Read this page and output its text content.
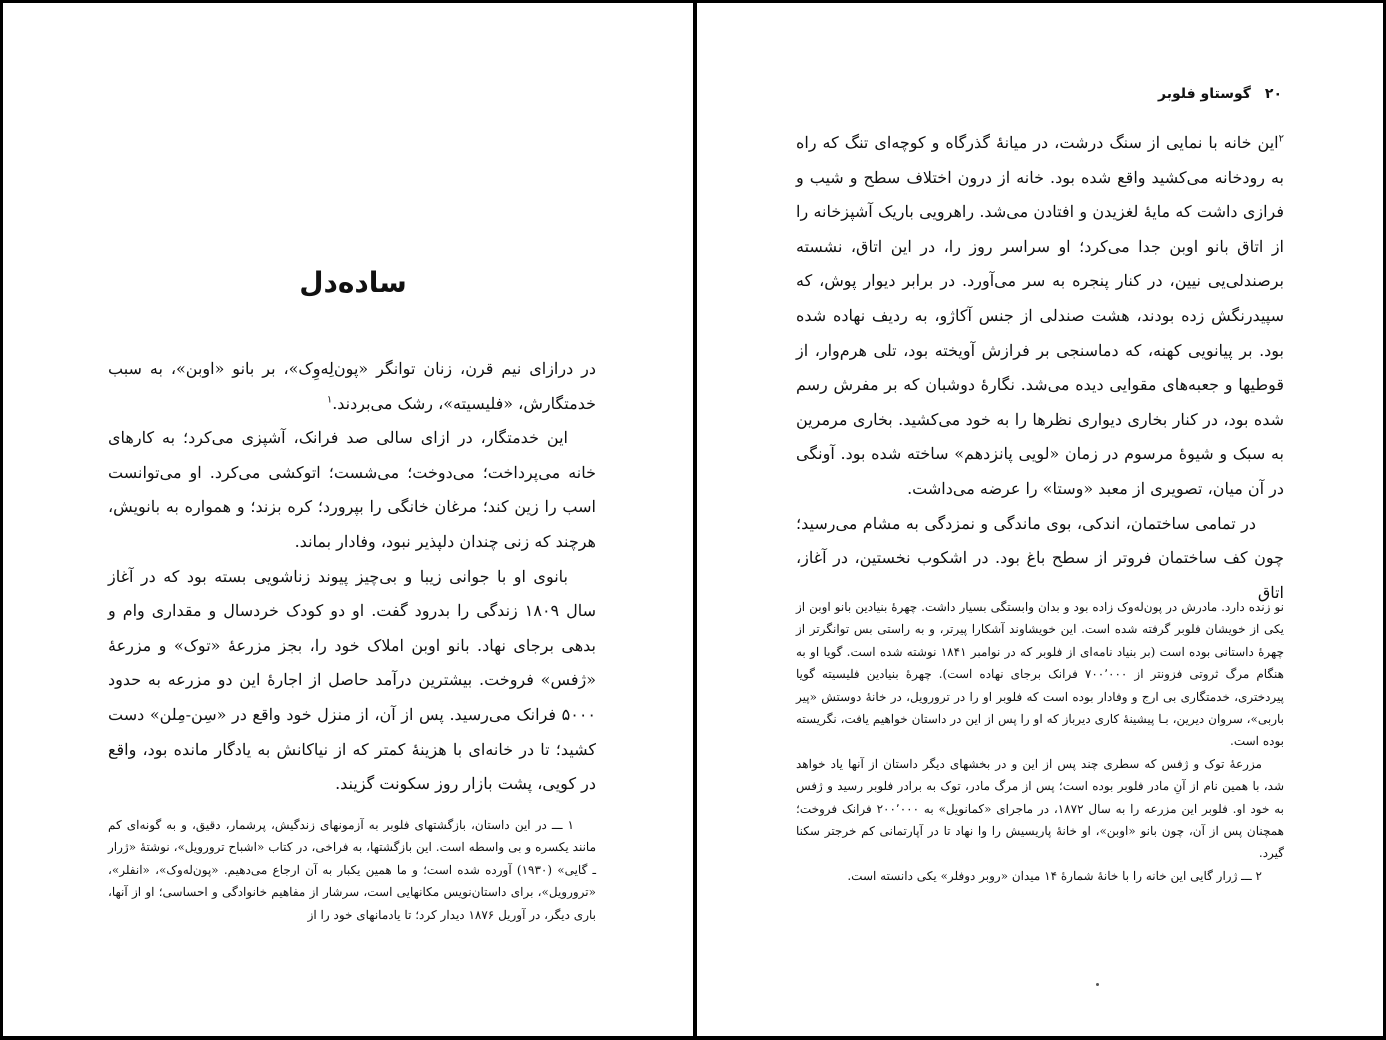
۲۰گوستاو فلوبر
ساده‌دل

در درازای نیم قرن، زنان توانگر «پون‌لِه‌وِک»، بر بانو «اوبن»، به سبب خدمتگارش، «فلیسیته»، رشک می‌بردند.$^۱$

این خدمتگار، در ازای سالی صد فرانک، آشپزی می‌کرد؛ به کارهای خانه می‌پرداخت؛ می‌دوخت؛ می‌شست؛ اتوکشی می‌کرد. او می‌توانست اسب را زین کند؛ مرغان خانگی را بپرورد؛ کره بزند؛ و همواره به بانویش، هرچند که زنی چندان دلپذیر نبود، وفادار بماند.

بانوی او با جوانی زیبا و بی‌چیز پیوند زناشویی بسته بود که در آغاز سال ۱۸۰۹ زندگی را بدرود گفت. او دو کودک خردسال و مقداری وام و بدهی برجای نهاد. بانو اوبن املاک خود را، بجز مزرعهٔ «توک» و مزرعهٔ «ژفس» فروخت. بیشترین درآمد حاصل از اجارهٔ این دو مزرعه به حدود ۵۰۰۰ فرانک می‌رسید. پس از آن، از منزل خود واقع در «سِن-مِلن» دست کشید؛ تا در خانه‌ای با هزینهٔ کمتر که از نیاکانش به یادگار مانده بود، واقع در کویی، پشت بازار روز سکونت گزیند.

۱ ـــ در این داستان، بازگشتهای فلوبر به آزمونهای زندگیش، پرشمار، دقیق، و به گونه‌ای کم مانند یکسره و بی واسطه است. این بازگشتها، به فراخی، در کتاب «اشباح ترورویل»، نوشتهٔ «ژرار ـ گایی» (۱۹۳۰) آورده شده است؛ و ما همین یکبار به آن ارجاع می‌دهیم. «پون‌له‌وک»، «انفلر»، «ترورویل»، برای داستان‌نویس مکانهایی است، سرشار از مفاهیم خانوادگی و احساسی؛ او از آنها، باری دیگر، در آوریل ۱۸۷۶ دیدار کرد؛ تا یادمانهای خود را از

$^۲$این خانه با نمایی از سنگ درشت، در میانهٔ گذرگاه و کوچه‌ای تنگ که راه به رودخانه می‌کشید واقع شده بود. خانه از درون اختلاف سطح و شیب و فرازی داشت که مایهٔ لغزیدن و افتادن می‌شد. راهرویی باریک آشپزخانه را از اتاق بانو اوبن جدا می‌کرد؛ او سراسر روز را، در این اتاق، نشسته برصندلی‌یی نیین، در کنار پنجره به سر می‌آورد. در برابر دیوار پوش، که سپیدرنگش زده بودند، هشت صندلی از جنس آکاژو، به ردیف نهاده شده بود. بر پیانویی کهنه، که دماسنجی بر فرازش آویخته بود، تلی هرم‌وار، از قوطیها و جعبه‌های مقوایی دیده می‌شد. نگارهٔ دوشبان که بر مفرش رسم شده بود، در کنار بخاری دیواری نظرها را به خود می‌کشید. بخاری مرمرین به سبک و شیوهٔ مرسوم در زمان «لویی پانزدهم» ساخته شده بود. آونگی در آن میان، تصویری از معبد «وستا» را عرضه می‌داشت.

در تمامی ساختمان، اندکی، بوی ماندگی و نمزدگی به مشام می‌رسید؛ چون کف ساختمان فروتر از سطح باغ بود. در اشکوب نخستین، در آغاز، اتاق

نو زنده دارد. مادرش در پون‌له‌وک زاده بود و بدان وابستگی بسیار داشت. چهرهٔ بنیادین بانو اوبن از یکی از خویشان فلوبر گرفته شده است. این خویشاوند آشکارا پیرتر، و به راستی بس توانگرتر از چهرهٔ داستانی بوده است (بر بنیاد نامه‌ای از فلوبر که در نوامبر ۱۸۴۱ نوشته شده است. گویا او به هنگام مرگ ثروتی فزونتر از ۷۰۰٬۰۰۰ فرانک برجای نهاده است). چهرهٔ بنیادین فلیسیته گویا پیردختری، خدمتگاری بی ارج و وفادار بوده است که فلوبر او را در ترورویل، در خانهٔ دوستش «پیر باربی»، سروان دیرین، بـا پیشینهٔ کاری دیرباز که او را پس از این در داستان خواهیم یافت، نگریسته بوده است.

مزرعهٔ توک و ژفس که سطری چند پس از این و در بخشهای دیگر داستان از آنها یاد خواهد شد، با همین نام از آنِ مادر فلوبر بوده است؛ پس از مرگ مادر، توک به برادر فلوبر رسید و ژفس به خود او. فلوبر این مزرعه را به سال ۱۸۷۲، در ماجرای «کمانویل» به ۲۰۰٬۰۰۰ فرانک فروخت؛ همچنان پس از آن، چون بانو «اوبن»، او خانهٔ پاریسیش را وا نهاد تا در آپارتمانی کم خرجتر سکنا گیرد.

۲ ـــ ژرار گایی این خانه را با خانهٔ شمارهٔ ۱۴ میدان «روبر دوفلر» یکی دانسته است.
